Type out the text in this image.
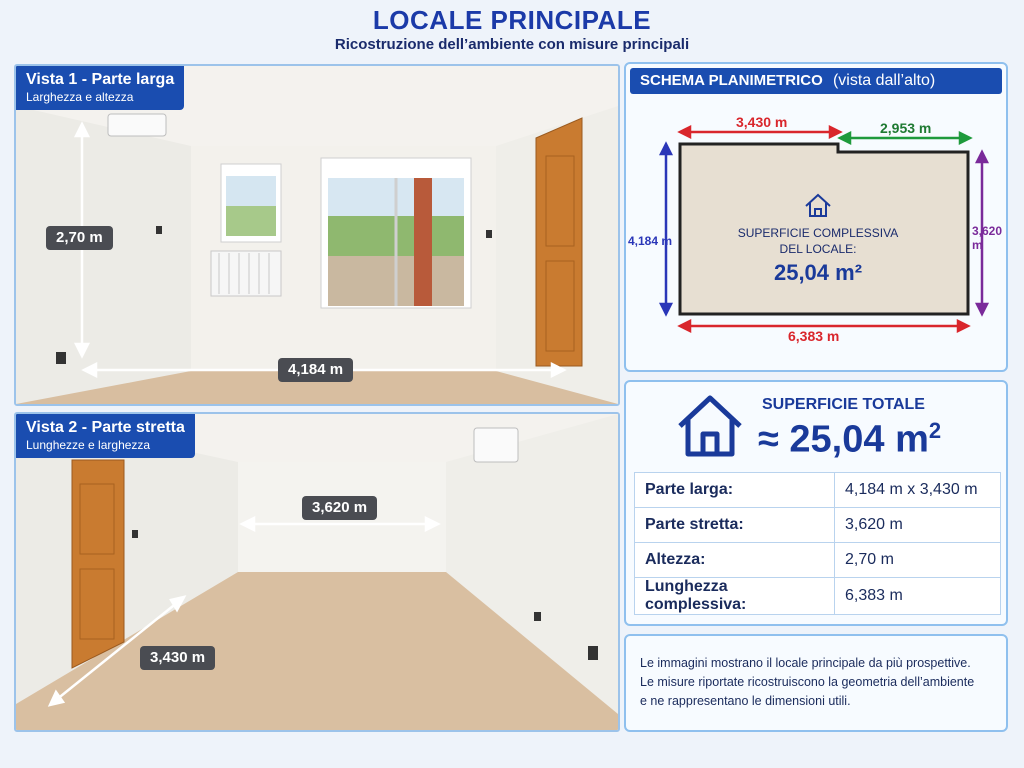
LOCALE PRINCIPALE
Ricostruzione dell’ambiente con misure principali
Vista 1 - Parte larga
Larghezza e altezza
2,70 m
4,184 m
Vista 2 - Parte stretta
Lunghezze e larghezza
3,620 m
3,430 m
SCHEMA PLANIMETRICO (vista dall’alto)
3,430 m	2,953 m
4,184 m
3,620 m
6,383 m
SUPERFICIE COMPLESSIVA
DEL LOCALE:
25,04 m²
SUPERFICIE TOTALE
≈ 25,04 $m^2$
Parte larga:	4,184 m x 3,430 m
Parte stretta:	3,620 m
Altezza:	2,70 m
Lunghezza complessiva:	6,383 m
Le immagini mostrano il locale principale da più prospettive.
Le misure riportate ricostruiscono la geometria dell’ambiente
e ne rappresentano le dimensioni utili.
